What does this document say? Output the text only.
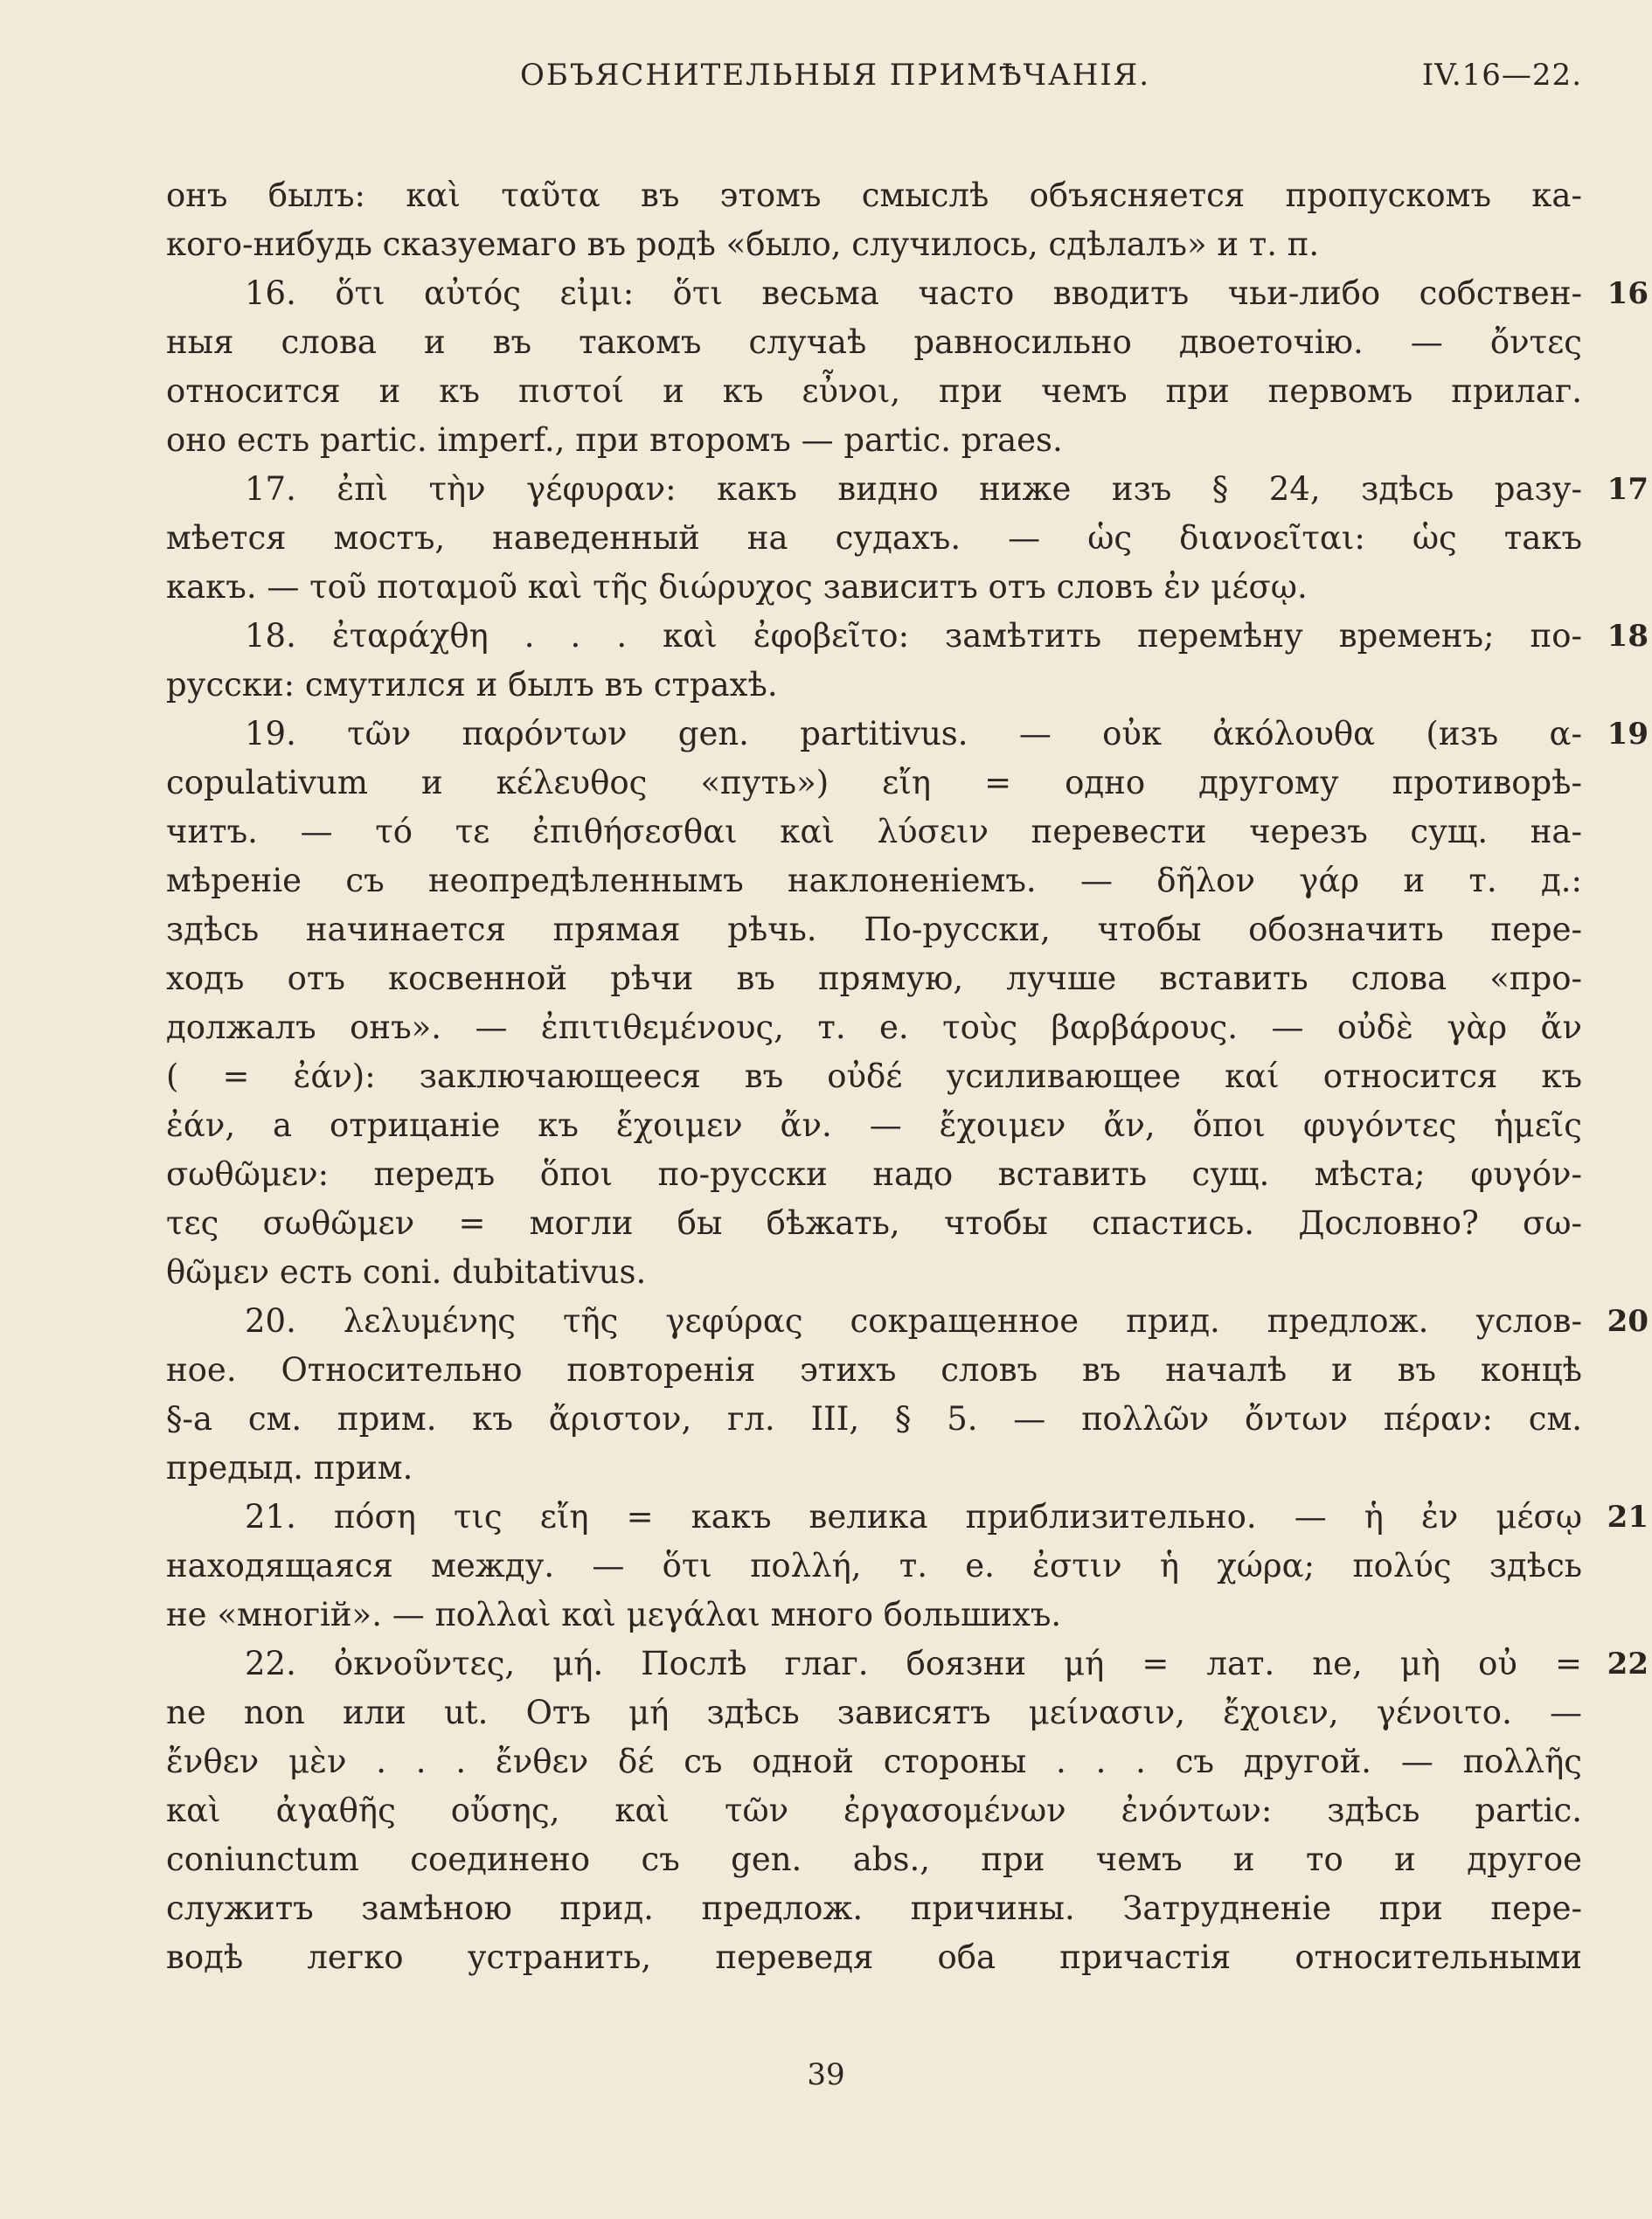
ОБЪЯСНИТЕЛЬНЫЯ ПРИМѢЧАНІЯ.	IV.16—22.
онъ былъ: καὶ ταῦτα въ этомъ смыслѣ объясняется пропускомъ ка-
кого-нибудь сказуемаго въ родѣ «было, случилось, сдѣлалъ» и т. п.
16. ὅτι αὐτός εἰμι: ὅτι весьма часто вводитъ чьи-либо собствен- 16
ныя слова и въ такомъ случаѣ равносильно двоеточію. — ὄντες
относится и къ πιστοί и къ εὖνοι, при чемъ при первомъ прилаг.
оно есть partic. imperf., при второмъ — partic. praes.
17. ἐπὶ τὴν γέφυραν: какъ видно ниже изъ § 24, здѣсь разу- 17
мѣется мостъ, наведенный на судахъ. — ὡς διανοεῖται: ὡς такъ
какъ. — τοῦ ποταμοῦ καὶ τῆς διώρυχος зависитъ отъ словъ ἐν μέσῳ.
18. ἐταράχθη . . . καὶ ἐφοβεῖτο: замѣтить перемѣну временъ; по- 18
русски: смутился и былъ въ страхѣ.
19. τῶν παρόντων gen. partitivus. — οὐκ ἀκόλουθα (изъ α- 19
copulativum и κέλευθος «путь») εἴη = одно другому противорѣ-
читъ. — τό τε ἐπιθήσεσθαι καὶ λύσειν перевести черезъ сущ. на-
мѣреніе съ неопредѣленнымъ наклоненіемъ. — δῆλον γάρ и т. д.:
здѣсь начинается прямая рѣчь. По-русски, чтобы обозначить пере-
ходъ отъ косвенной рѣчи въ прямую, лучше вставить слова «про-
должалъ онъ». — ἐπιτιθεμένους, т. е. τοὺς βαρβάρους. — οὐδὲ γὰρ ἄν
( = ἐάν): заключающееся въ οὐδέ усиливающее καί относится къ
ἐάν, а отрицаніе къ ἔχοιμεν ἄν. — ἔχοιμεν ἄν, ὅποι φυγόντες ἡμεῖς
σωθῶμεν: передъ ὅποι по-русски надо вставить сущ. мѣста; φυγόν-
τες σωθῶμεν = могли бы бѣжать, чтобы спастись. Дословно? σω-
θῶμεν есть coni. dubitativus.
20. λελυμένης τῆς γεφύρας сокращенное прид. предлож. услов- 20
ное. Относительно повторенія этихъ словъ въ началѣ и въ концѣ
§-а см. прим. къ ἄριστον, гл. III, § 5. — πολλῶν ὄντων πέραν: см.
предыд. прим.
21. πόση τις εἴη = какъ велика приблизительно. — ἡ ἐν μέσῳ 21
находящаяся между. — ὅτι πολλή, т. е. ἐστιν ἡ χώρα; πολύς здѣсь
не «многій». — πολλαὶ καὶ μεγάλαι много большихъ.
22. ὀκνοῦντες, μή. Послѣ глаг. боязни μή = лат. ne, μὴ οὐ = 22
ne non или ut. Отъ μή здѣсь зависятъ μείνασιν, ἔχοιεν, γένοιτο. —
ἔνθεν μὲν . . . ἔνθεν δέ съ одной стороны . . . съ другой. — πολλῆς
καὶ ἀγαθῆς οὔσης, καὶ τῶν ἐργασομένων ἐνόντων: здѣсь partic.
coniunctum соединено съ gen. abs., при чемъ и то и другое
служитъ замѣною прид. предлож. причины. Затрудненіе при пере-
водѣ легко устранить, переведя оба причастія относительными
39
